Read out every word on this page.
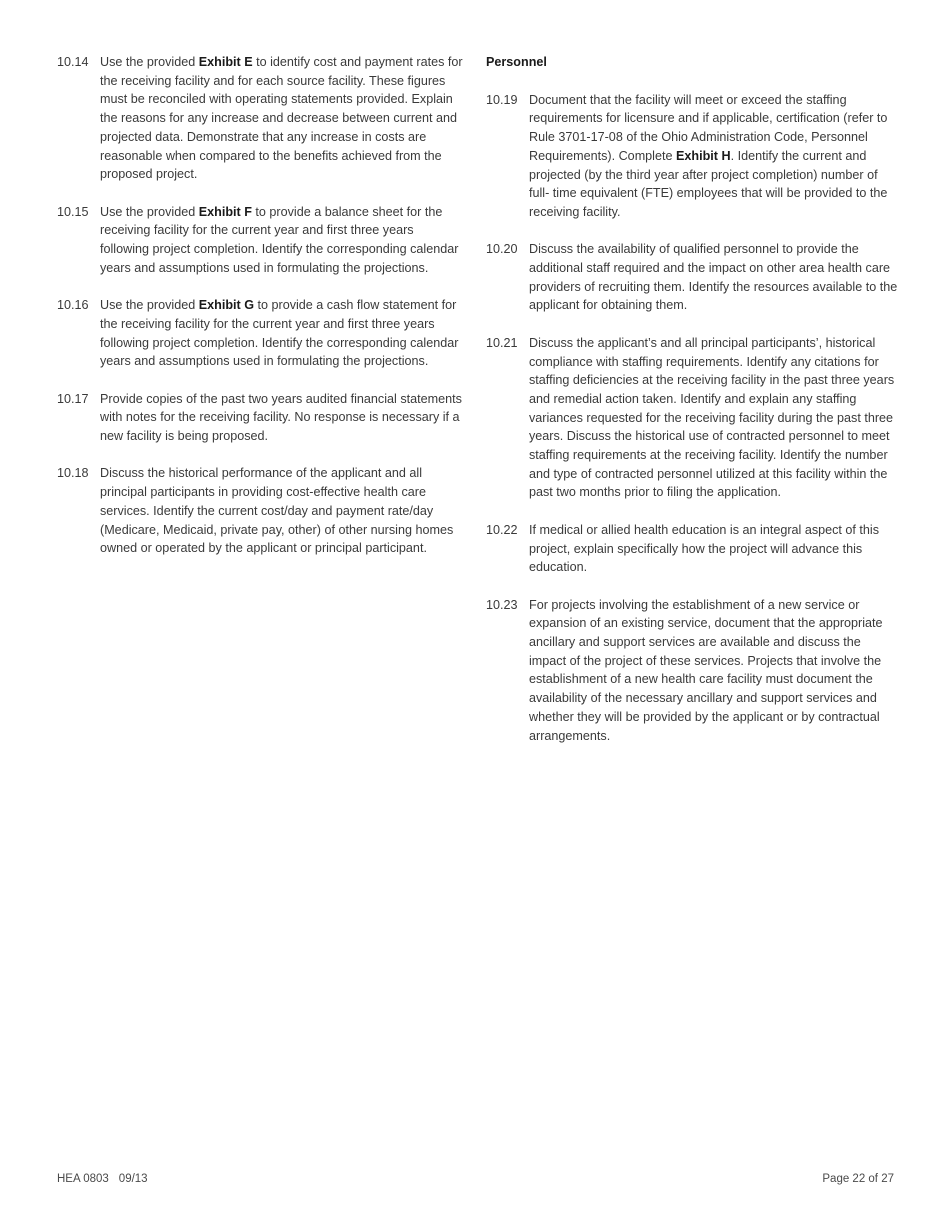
10.14 Use the provided Exhibit E to identify cost and payment rates for the receiving facility and for each source facility. These figures must be reconciled with operating statements provided. Explain the reasons for any increase and decrease between current and projected data. Demonstrate that any increase in costs are reasonable when compared to the benefits achieved from the proposed project.
10.15 Use the provided Exhibit F to provide a balance sheet for the receiving facility for the current year and first three years following project completion. Identify the corresponding calendar years and assumptions used in formulating the projections.
10.16 Use the provided Exhibit G to provide a cash flow statement for the receiving facility for the current year and first three years following project completion. Identify the corresponding calendar years and assumptions used in formulating the projections.
10.17 Provide copies of the past two years audited financial statements with notes for the receiving facility. No response is necessary if a new facility is being proposed.
10.18 Discuss the historical performance of the applicant and all principal participants in providing cost-effective health care services. Identify the current cost/day and payment rate/day (Medicare, Medicaid, private pay, other) of other nursing homes owned or operated by the applicant or principal participant.
Personnel
10.19 Document that the facility will meet or exceed the staffing requirements for licensure and if applicable, certification (refer to Rule 3701-17-08 of the Ohio Administration Code, Personnel Requirements). Complete Exhibit H. Identify the current and projected (by the third year after project completion) number of full- time equivalent (FTE) employees that will be provided to the receiving facility.
10.20 Discuss the availability of qualified personnel to provide the additional staff required and the impact on other area health care providers of recruiting them. Identify the resources available to the applicant for obtaining them.
10.21 Discuss the applicant’s and all principal participants’, historical compliance with staffing requirements. Identify any citations for staffing deficiencies at the receiving facility in the past three years and remedial action taken. Identify and explain any staffing variances requested for the receiving facility during the past three years. Discuss the historical use of contracted personnel to meet staffing requirements at the receiving facility. Identify the number and type of contracted personnel utilized at this facility within the past two months prior to filing the application.
10.22 If medical or allied health education is an integral aspect of this project, explain specifically how the project will advance this education.
10.23 For projects involving the establishment of a new service or expansion of an existing service, document that the appropriate ancillary and support services are available and discuss the impact of the project of these services. Projects that involve the establishment of a new health care facility must document the availability of the necessary ancillary and support services and whether they will be provided by the applicant or by contractual arrangements.
HEA 0803 09/13	Page 22 of 27
